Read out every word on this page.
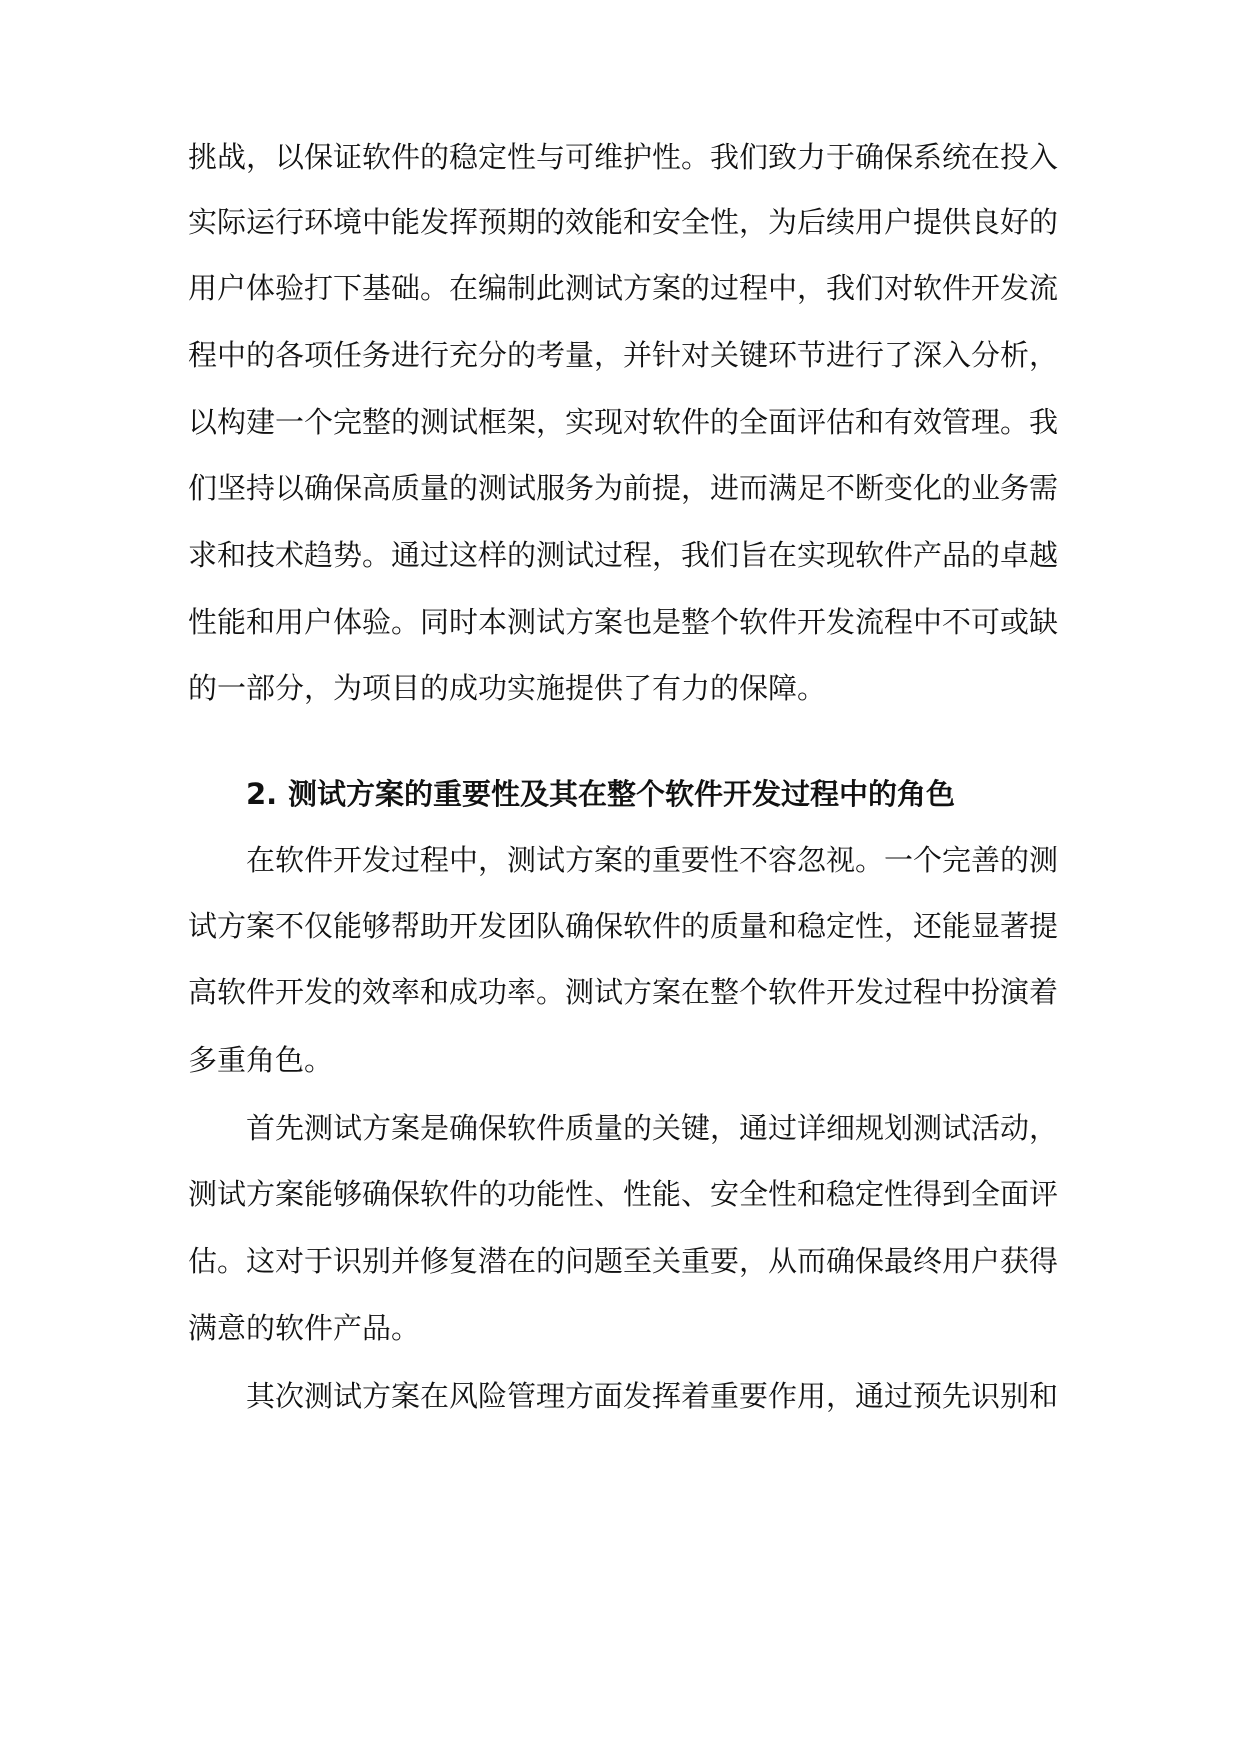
挑战，以保证软件的稳定性与可维护性。我们致力于确保系统在投入
实际运行环境中能发挥预期的效能和安全性，为后续用户提供良好的
用户体验打下基础。在编制此测试方案的过程中，我们对软件开发流
程中的各项任务进行充分的考量，并针对关键环节进行了深入分析，
以构建一个完整的测试框架，实现对软件的全面评估和有效管理。我
们坚持以确保高质量的测试服务为前提，进而满足不断变化的业务需
求和技术趋势。通过这样的测试过程，我们旨在实现软件产品的卓越
性能和用户体验。同时本测试方案也是整个软件开发流程中不可或缺
的一部分，为项目的成功实施提供了有力的保障。
2. 测试方案的重要性及其在整个软件开发过程中的角色
在软件开发过程中，测试方案的重要性不容忽视。一个完善的测
试方案不仅能够帮助开发团队确保软件的质量和稳定性，还能显著提
高软件开发的效率和成功率。测试方案在整个软件开发过程中扮演着
多重角色。
首先测试方案是确保软件质量的关键，通过详细规划测试活动，
测试方案能够确保软件的功能性、性能、安全性和稳定性得到全面评
估。这对于识别并修复潜在的问题至关重要，从而确保最终用户获得
满意的软件产品。
其次测试方案在风险管理方面发挥着重要作用，通过预先识别和
